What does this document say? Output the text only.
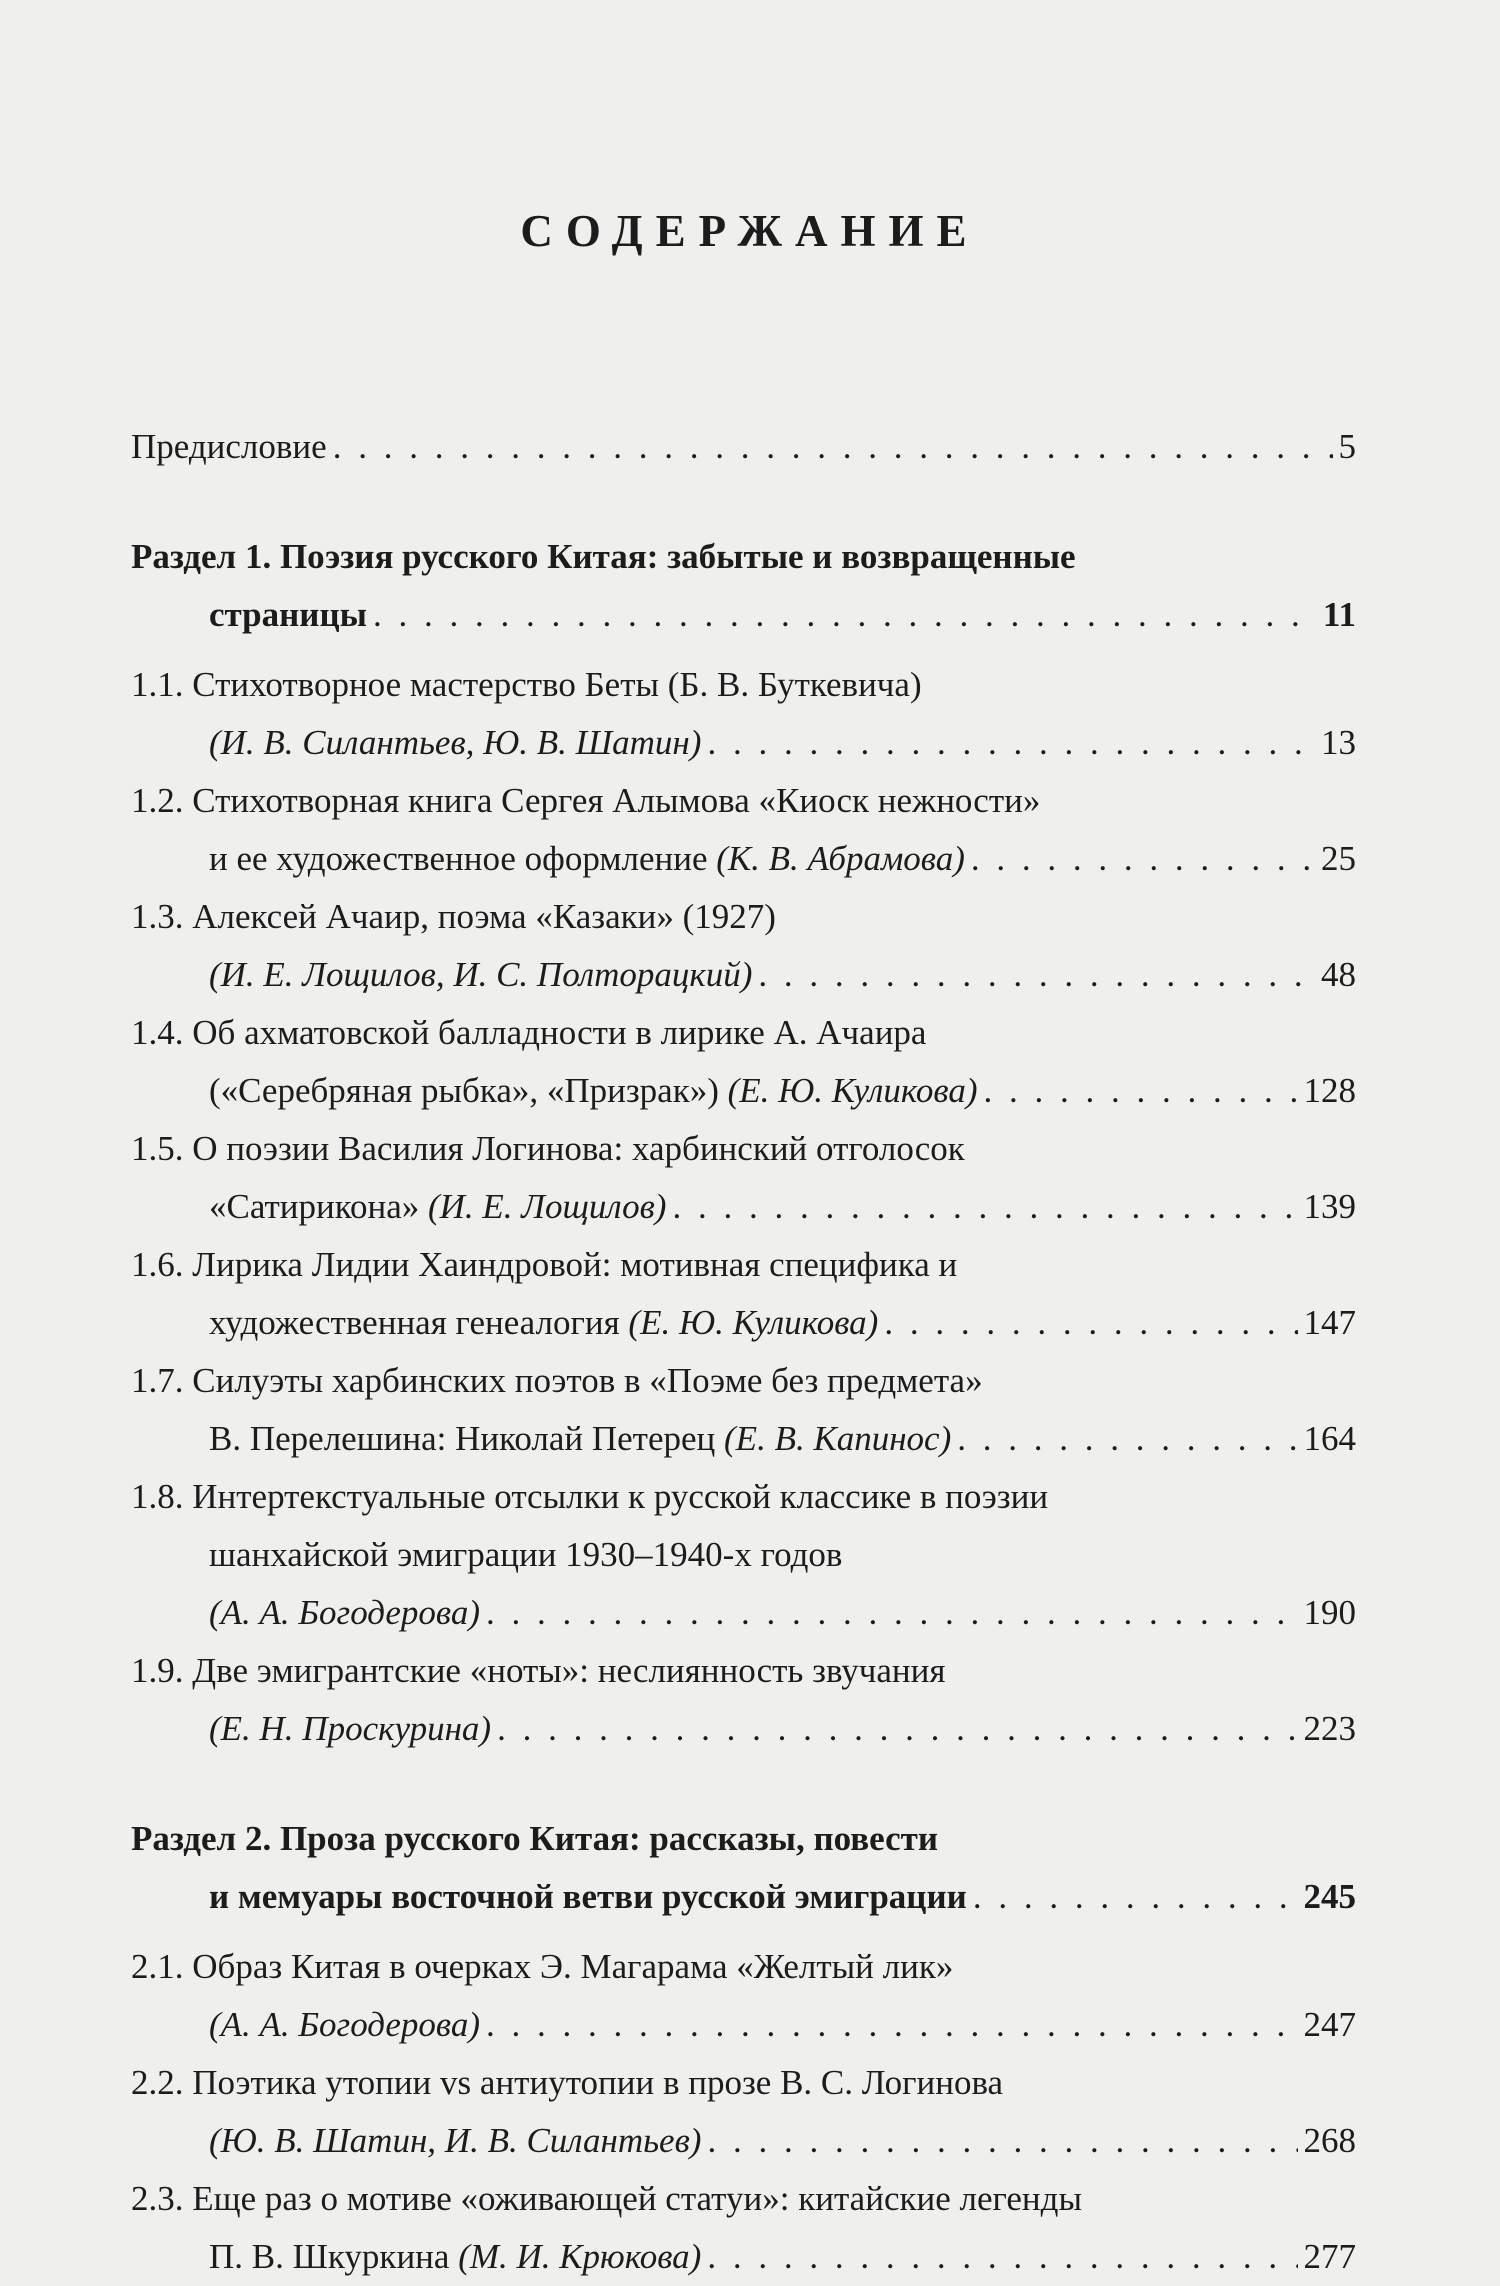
СОДЕРЖАНИЕ
Предисловие . . .	5
Раздел 1. Поэзия русского Китая: забытые и возвращенные
страницы . . .	11
1.1. Стихотворное мастерство Беты (Б. В. Буткевича)
(И. В. Силантьев, Ю. В. Шатин) . . .	13
1.2. Стихотворная книга Сергея Алымова «Киоск нежности»
и ее художественное оформление (К. В. Абрамова) . . .	25
1.3. Алексей Ачаир, поэма «Казаки» (1927)
(И. Е. Лощилов, И. С. Полторацкий) . . .	48
1.4. Об ахматовской балладности в лирике А. Ачаира
(«Серебряная рыбка», «Призрак») (Е. Ю. Куликова) . . .	128
1.5. О поэзии Василия Логинова: харбинский отголосок
«Сатирикона» (И. Е. Лощилов) . . .	139
1.6. Лирика Лидии Хаиндровой: мотивная специфика и
художественная генеалогия (Е. Ю. Куликова) . . .	147
1.7. Силуэты харбинских поэтов в «Поэме без предмета»
В. Перелешина: Николай Петерец (Е. В. Капинос) . . .	164
1.8. Интертекстуальные отсылки к русской классике в поэзии
шанхайской эмиграции 1930–1940-х годов
(А. А. Богодерова) . . .	190
1.9. Две эмигрантские «ноты»: неслиянность звучания
(Е. Н. Проскурина) . . .	223
Раздел 2. Проза русского Китая: рассказы, повести
и мемуары восточной ветви русской эмиграции . . .	245
2.1. Образ Китая в очерках Э. Магарама «Желтый лик»
(А. А. Богодерова) . . .	247
2.2. Поэтика утопии vs антиутопии в прозе В. С. Логинова
(Ю. В. Шатин, И. В. Силантьев) . . .	268
2.3. Еще раз о мотиве «оживающей статуи»: китайские легенды
П. В. Шкуркина (М. И. Крюкова) . . .	277
